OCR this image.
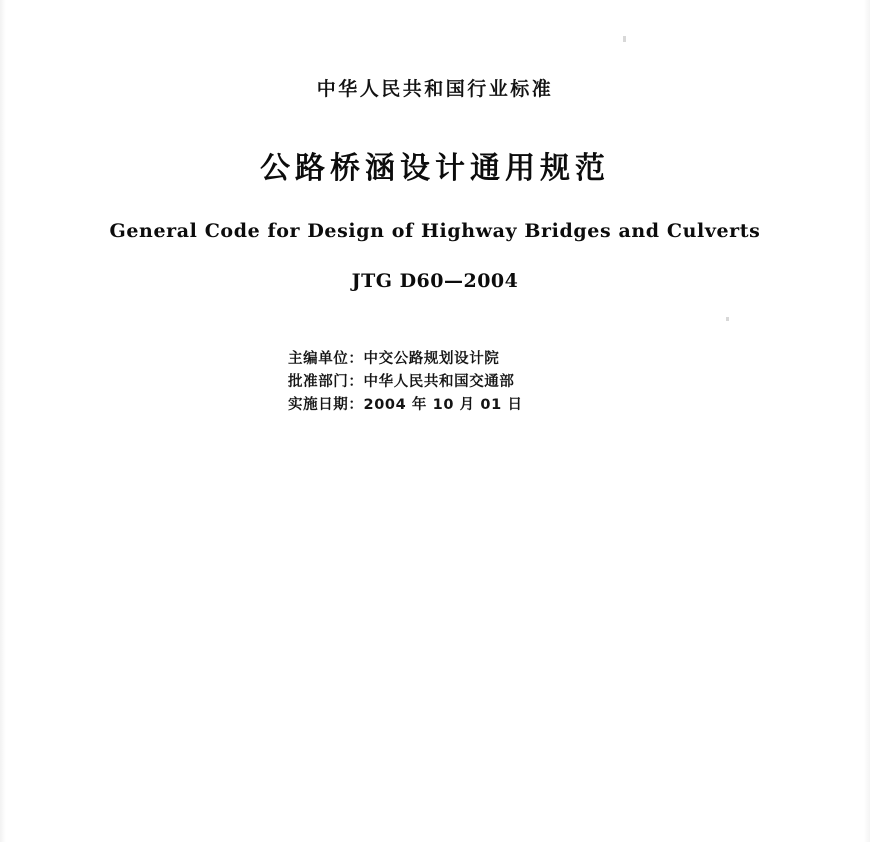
中华人民共和国行业标准
公路桥涵设计通用规范
General Code for Design of Highway Bridges and Culverts
JTG D60—2004
主编单位：中交公路规划设计院
批准部门：中华人民共和国交通部
实施日期：2004 年 10 月 01 日
